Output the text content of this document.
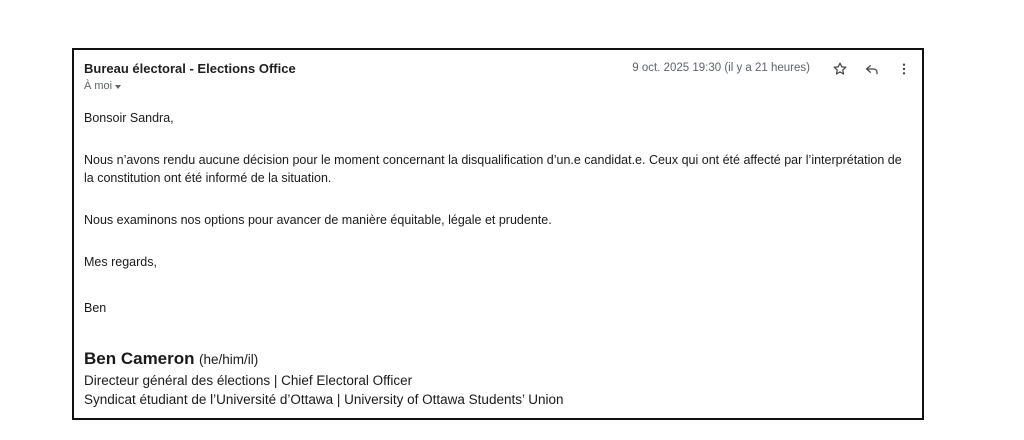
Bureau électoral - Elections Office
À moi
9 oct. 2025 19:30 (il y a 21 heures)

Bonsoir Sandra,

Nous n’avons rendu aucune décision pour le moment concernant la disqualification d’un.e candidat.e. Ceux qui ont été affecté par l’interprétation de la constitution ont été informé de la situation.

Nous examinons nos options pour avancer de manière équitable, légale et prudente.

Mes regards,

Ben

Ben Cameron (he/him/il)
Directeur général des élections | Chief Electoral Officer
Syndicat étudiant de l’Université d’Ottawa | University of Ottawa Students’ Union
